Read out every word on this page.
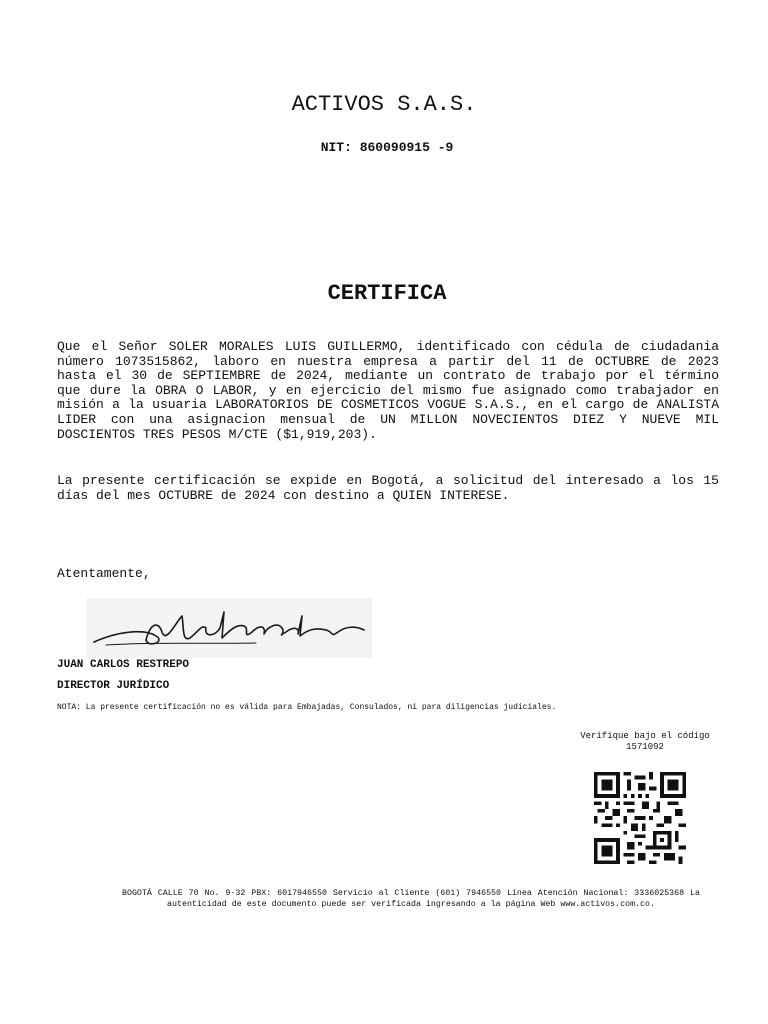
ACTIVOS S.A.S.
NIT: 860090915 -9
CERTIFICA
Que el Señor SOLER MORALES LUIS GUILLERMO, identificado con cédula de ciudadania número 1073515862, laboro en nuestra empresa a partir del 11 de OCTUBRE de 2023 hasta el 30 de SEPTIEMBRE de 2024, mediante un contrato de trabajo por el término que dure la OBRA O LABOR, y en ejercicio del mismo fue asignado como trabajador en misión a la usuaria LABORATORIOS DE COSMETICOS VOGUE S.A.S., en el cargo de ANALISTA LIDER con una asignacion mensual de UN MILLON NOVECIENTOS DIEZ Y NUEVE MIL DOSCIENTOS TRES PESOS M/CTE ($1,919,203).
La presente certificación se expide en Bogotá, a solicitud del interesado a los 15 días del mes OCTUBRE de 2024 con destino a QUIEN INTERESE.
Atentamente,
JUAN CARLOS RESTREPO
DIRECTOR JURÍDICO
NOTA: La presente certificación no es válida para Embajadas, Consulados, ni para diligencias judiciales.
Verifique bajo el código
1571092
BOGOTÁ CALLE 70 No. 9-32 PBX: 6017946550 Servicio al Cliente (601) 7946550 Línea Atención Nacional: 3336025368 La autenticidad de este documento puede ser verificada ingresando a la página Web www.activos.com.co.
